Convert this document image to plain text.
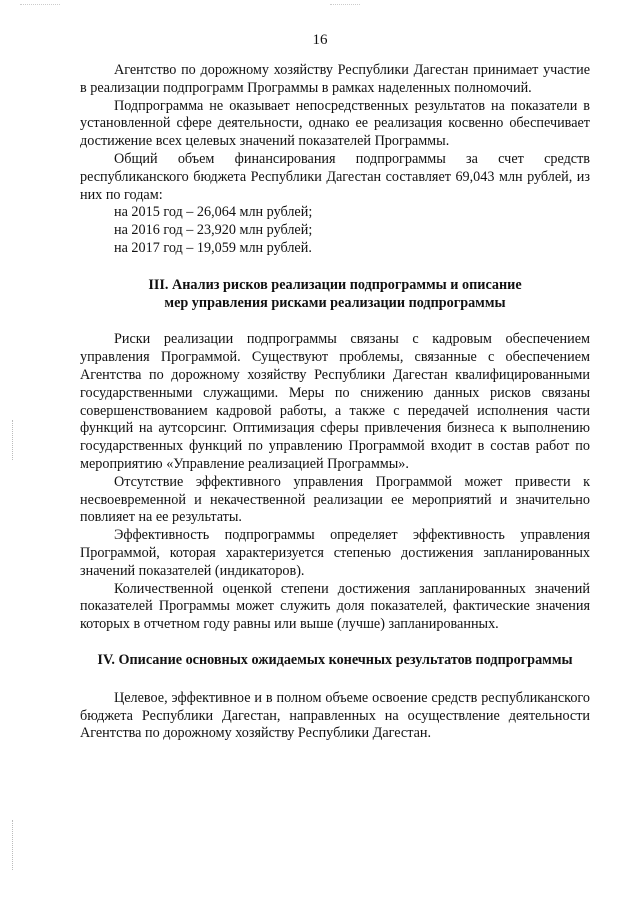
16

Агентство по дорожному хозяйству Республики Дагестан принимает участие в реализации подпрограмм Программы в рамках наделенных полномочий.

Подпрограмма не оказывает непосредственных результатов на показатели в установленной сфере деятельности, однако ее реализация косвенно обеспечивает достижение всех целевых значений показателей Программы.

Общий объем финансирования подпрограммы за счет средств республиканского бюджета Республики Дагестан составляет 69,043 млн рублей, из них по годам:

на 2015 год – 26,064 млн рублей;

на 2016 год – 23,920 млн рублей;

на 2017 год – 19,059 млн рублей.

III. Анализ рисков реализации подпрограммы и описание

мер управления рисками реализации подпрограммы

Риски реализации подпрограммы связаны с кадровым обеспечением управления Программой. Существуют проблемы, связанные с обеспечением Агентства по дорожному хозяйству Республики Дагестан квалифицированными государственными служащими. Меры по снижению данных рисков связаны совершенствованием кадровой работы, а также с передачей исполнения части функций на аутсорсинг. Оптимизация сферы привлечения бизнеса к выполнению государственных функций по управлению Программой входит в состав работ по мероприятию «Управление реализацией Программы».

Отсутствие эффективного управления Программой может привести к несвоевременной и некачественной реализации ее мероприятий и значительно повлияет на ее результаты.

Эффективность подпрограммы определяет эффективность управления Программой, которая характеризуется степенью достижения запланированных значений показателей (индикаторов).

Количественной оценкой степени достижения запланированных значений показателей Программы может служить доля показателей, фактические значения которых в отчетном году равны или выше (лучше) запланированных.

IV. Описание основных ожидаемых конечных результатов подпрограммы

Целевое, эффективное и в полном объеме освоение средств республиканского бюджета Республики Дагестан, направленных на осуществление деятельности Агентства по дорожному хозяйству Республики Дагестан.
